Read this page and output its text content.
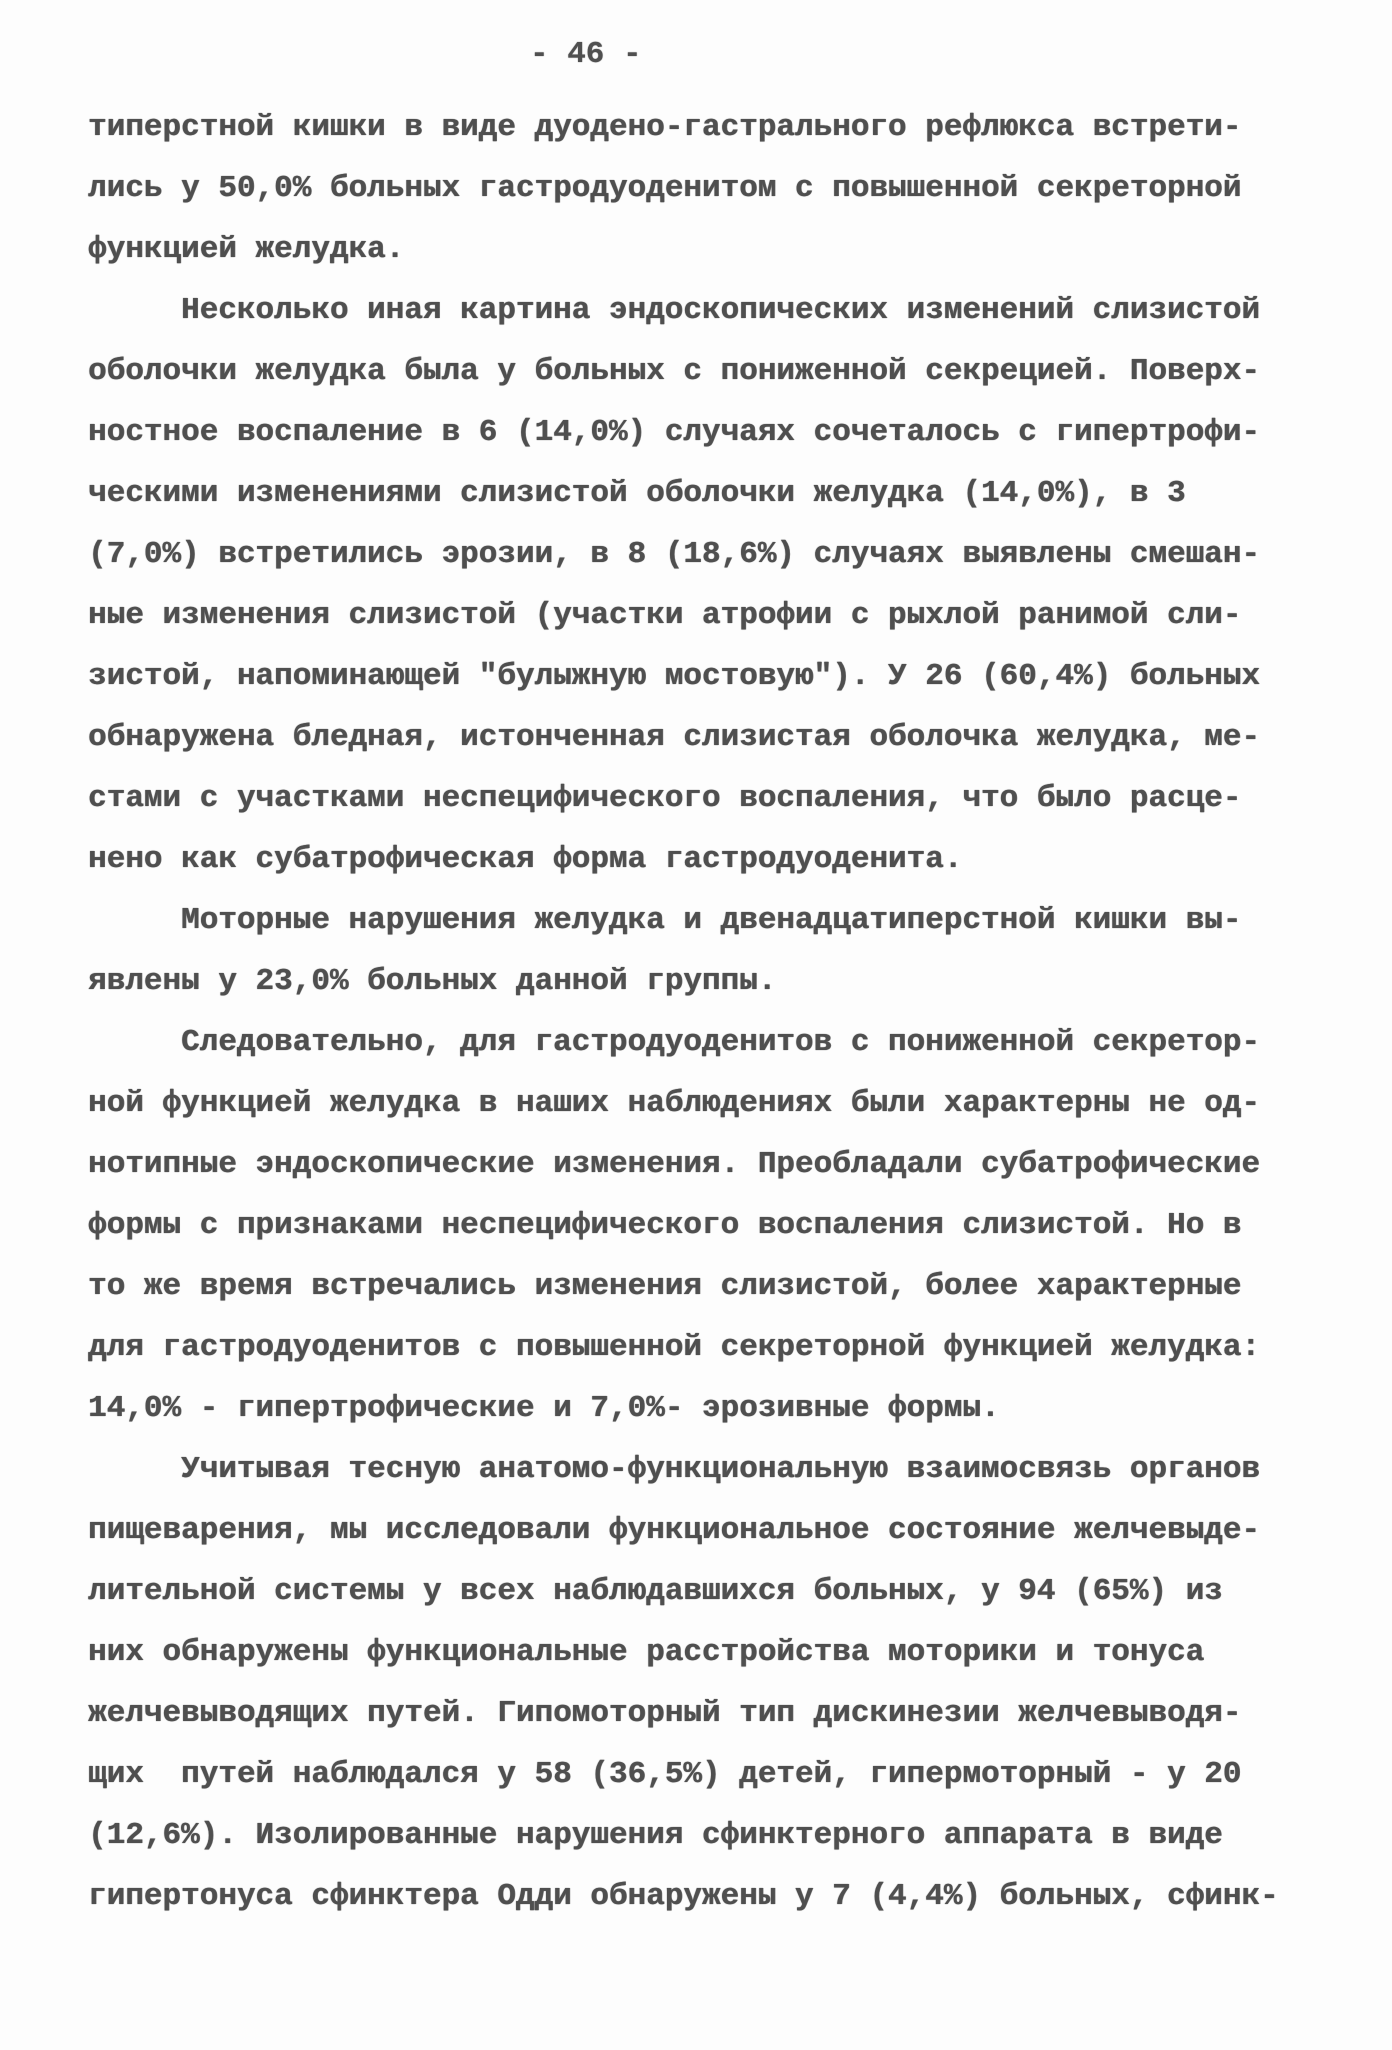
- 46 -
типерстной кишки в виде дуодено-гастрального рефлюкса встрети-
лись у 50,0% больных гастродуоденитом с повышенной секреторной
функцией желудка.
Несколько иная картина эндоскопических изменений слизистой
оболочки желудка была у больных с пониженной секрецией. Поверх-
ностное воспаление в 6 (14,0%) случаях сочеталось с гипертрофи-
ческими изменениями слизистой оболочки желудка (14,0%), в 3
(7,0%) встретились эрозии, в 8 (18,6%) случаях выявлены смешан-
ные изменения слизистой (участки атрофии с рыхлой ранимой сли-
зистой, напоминающей "булыжную мостовую"). У 26 (60,4%) больных
обнаружена бледная, истонченная слизистая оболочка желудка, ме-
стами с участками неспецифического воспаления, что было расце-
нено как субатрофическая форма гастродуоденита.
Моторные нарушения желудка и двенадцатиперстной кишки вы-
явлены у 23,0% больных данной группы.
Следовательно, для гастродуоденитов с пониженной секретор-
ной функцией желудка в наших наблюдениях были характерны не од-
нотипные эндоскопические изменения. Преобладали субатрофические
формы с признаками неспецифического воспаления слизистой. Но в
то же время встречались изменения слизистой, более характерные
для гастродуоденитов с повышенной секреторной функцией желудка:
14,0% - гипертрофические и 7,0%- эрозивные формы.
Учитывая тесную анатомо-функциональную взаимосвязь органов
пищеварения, мы исследовали функциональное состояние желчевыде-
лительной системы у всех наблюдавшихся больных, у 94 (65%) из
них обнаружены функциональные расстройства моторики и тонуса
желчевыводящих путей. Гипомоторный тип дискинезии желчевыводя-
щих  путей наблюдался у 58 (36,5%) детей, гипермоторный - у 20
(12,6%). Изолированные нарушения сфинктерного аппарата в виде
гипертонуса сфинктера Одди обнаружены у 7 (4,4%) больных, сфинк-
